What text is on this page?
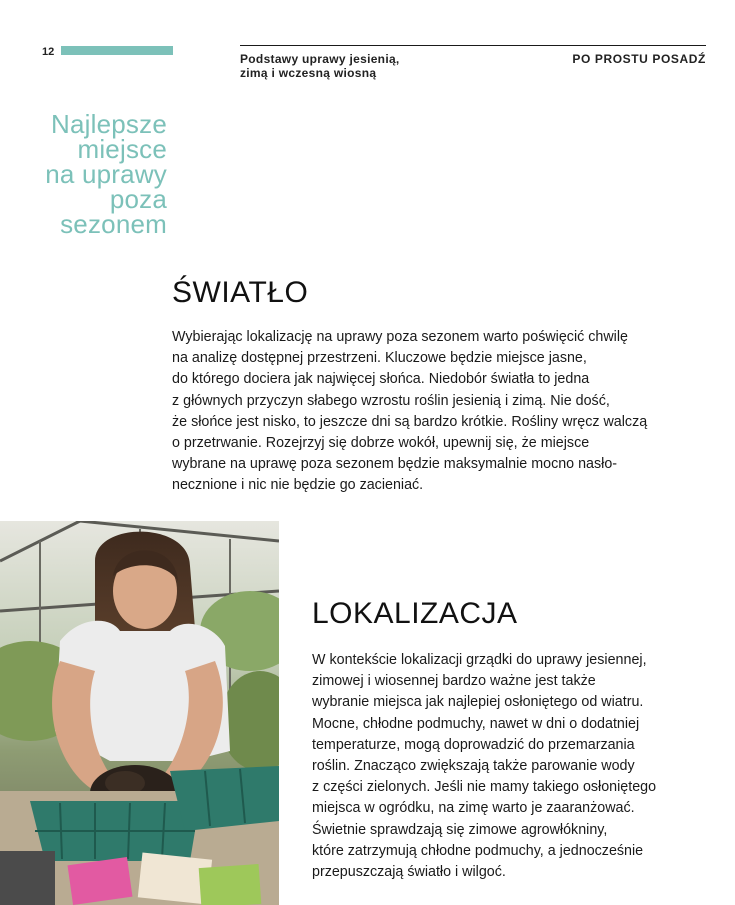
12	Podstawy uprawy jesienią,
zimą i wczesną wiosną
PO PROSTU POSADŹ
Najlepsze
miejsce
na uprawy
poza
sezonem
ŚWIATŁO
Wybierając lokalizację na uprawy poza sezonem warto poświęcić chwilę
na analizę dostępnej przestrzeni. Kluczowe będzie miejsce jasne,
do którego dociera jak najwięcej słońca. Niedobór światła to jedna
z głównych przyczyn słabego wzrostu roślin jesienią i zimą. Nie dość,
że słońce jest nisko, to jeszcze dni są bardzo krótkie. Rośliny wręcz walczą
o przetrwanie. Rozejrzyj się dobrze wokół, upewnij się, że miejsce
wybrane na uprawę poza sezonem będzie maksymalnie mocno nasło-
necznione i nic nie będzie go zacieniać.
LOKALIZACJA
W kontekście lokalizacji grządki do uprawy jesiennej,
zimowej i wiosennej bardzo ważne jest także
wybranie miejsca jak najlepiej osłoniętego od wiatru.
Mocne, chłodne podmuchy, nawet w dni o dodatniej
temperaturze, mogą doprowadzić do przemarzania
roślin. Znacząco zwiększają także parowanie wody
z części zielonych. Jeśli nie mamy takiego osłoniętego
miejsca w ogródku, na zimę warto je zaaranżować.
Świetnie sprawdzają się zimowe agrowłókniny,
które zatrzymują chłodne podmuchy, a jednocześnie
przepuszczają światło i wilgoć.
